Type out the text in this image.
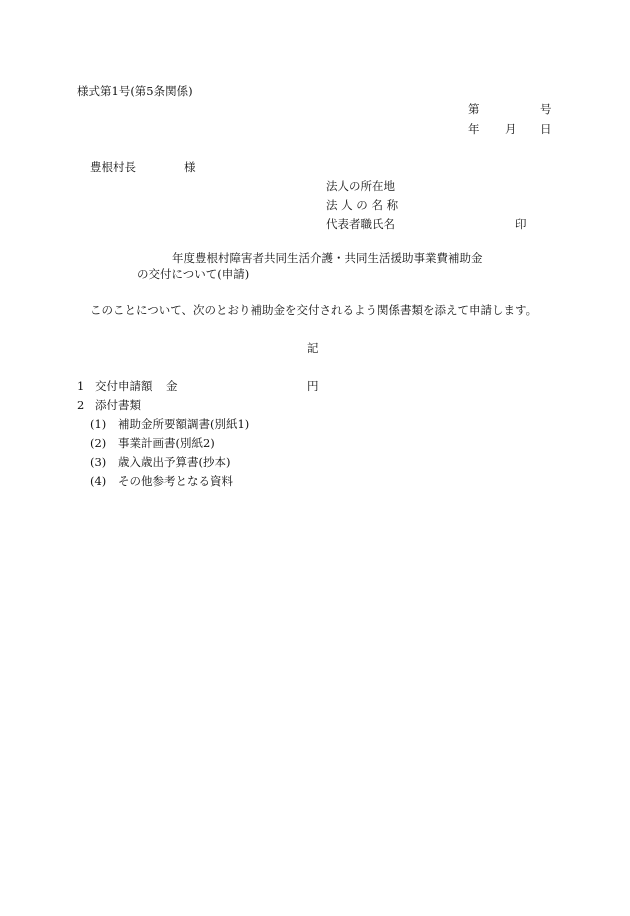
様式第1号(第5条関係)
第	号
年 月 日
豊根村長	様
法人の所在地
法 人 の 名 称
代表者職氏名	印
年度豊根村障害者共同生活介護・共同生活援助事業費補助金
の交付について(申請)
このことについて、次のとおり補助金を交付されるよう関係書類を添えて申請します。
記
1 交付申請額 金	円
2 添付書類
(1) 補助金所要額調書(別紙1)
(2) 事業計画書(別紙2)
(3) 歳入歳出予算書(抄本)
(4) その他参考となる資料
